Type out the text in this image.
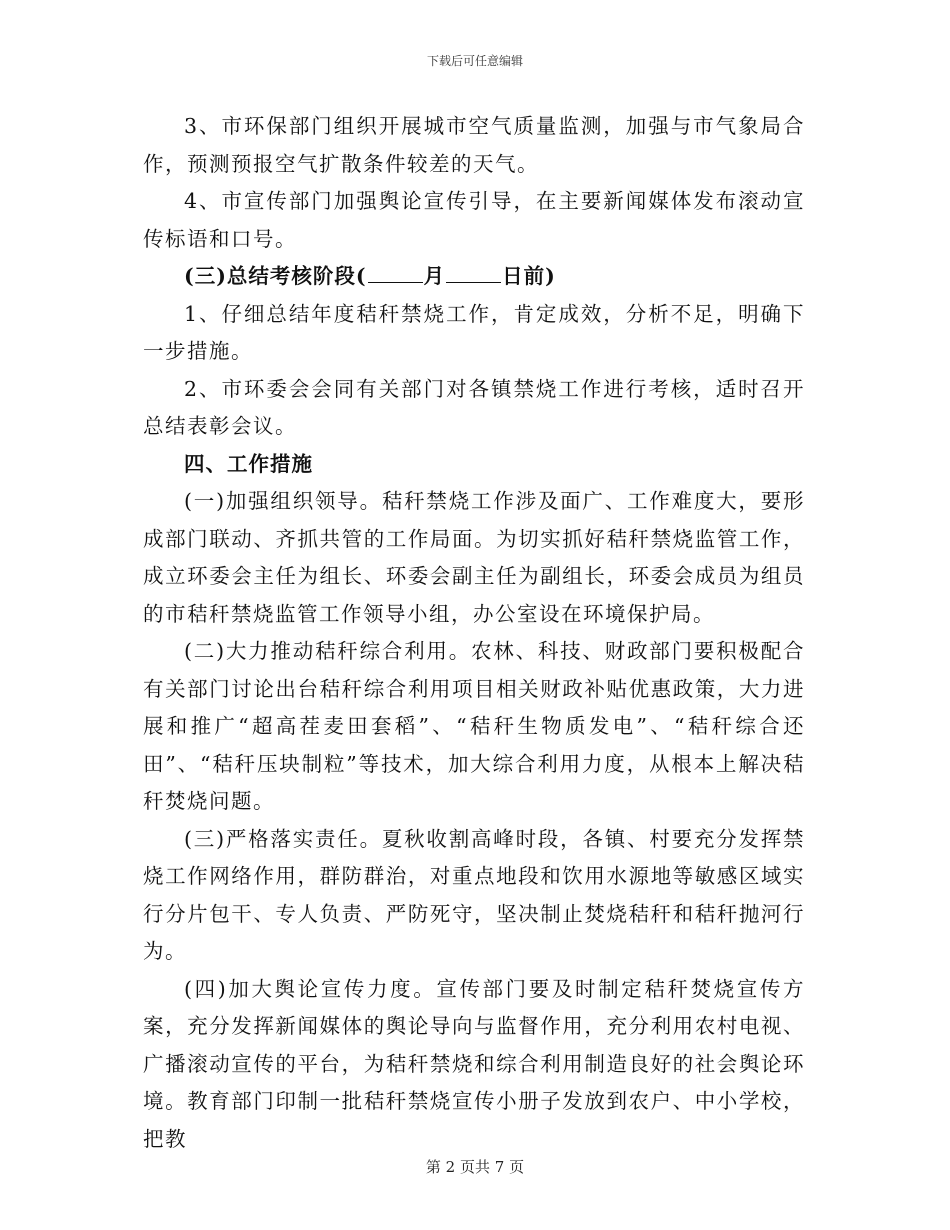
下载后可任意编辑

3、市环保部门组织开展城市空气质量监测，加强与市气象局合作，预测预报空气扩散条件较差的天气。

4、市宣传部门加强舆论宣传引导，在主要新闻媒体发布滚动宣传标语和口号。

(三)总结考核阶段(	月	日前)

1、仔细总结年度秸秆禁烧工作，肯定成效，分析不足，明确下一步措施。

2、市环委会会同有关部门对各镇禁烧工作进行考核，适时召开总结表彰会议。

四、工作措施

(一)加强组织领导。秸秆禁烧工作涉及面广、工作难度大，要形成部门联动、齐抓共管的工作局面。为切实抓好秸秆禁烧监管工作，成立环委会主任为组长、环委会副主任为副组长，环委会成员为组员的市秸秆禁烧监管工作领导小组，办公室设在环境保护局。

(二)大力推动秸秆综合利用。农林、科技、财政部门要积极配合有关部门讨论出台秸秆综合利用项目相关财政补贴优惠政策，大力进展和推广“超高茬麦田套稻”、“秸秆生物质发电”、“秸秆综合还田”、“秸秆压块制粒”等技术，加大综合利用力度，从根本上解决秸秆焚烧问题。

(三)严格落实责任。夏秋收割高峰时段，各镇、村要充分发挥禁烧工作网络作用，群防群治，对重点地段和饮用水源地等敏感区域实行分片包干、专人负责、严防死守，坚决制止焚烧秸秆和秸秆抛河行为。

(四)加大舆论宣传力度。宣传部门要及时制定秸秆焚烧宣传方案，充分发挥新闻媒体的舆论导向与监督作用，充分利用农村电视、广播滚动宣传的平台，为秸秆禁烧和综合利用制造良好的社会舆论环境。教育部门印制一批秸秆禁烧宣传小册子发放到农户、中小学校，把教

第 2 页共 7 页
